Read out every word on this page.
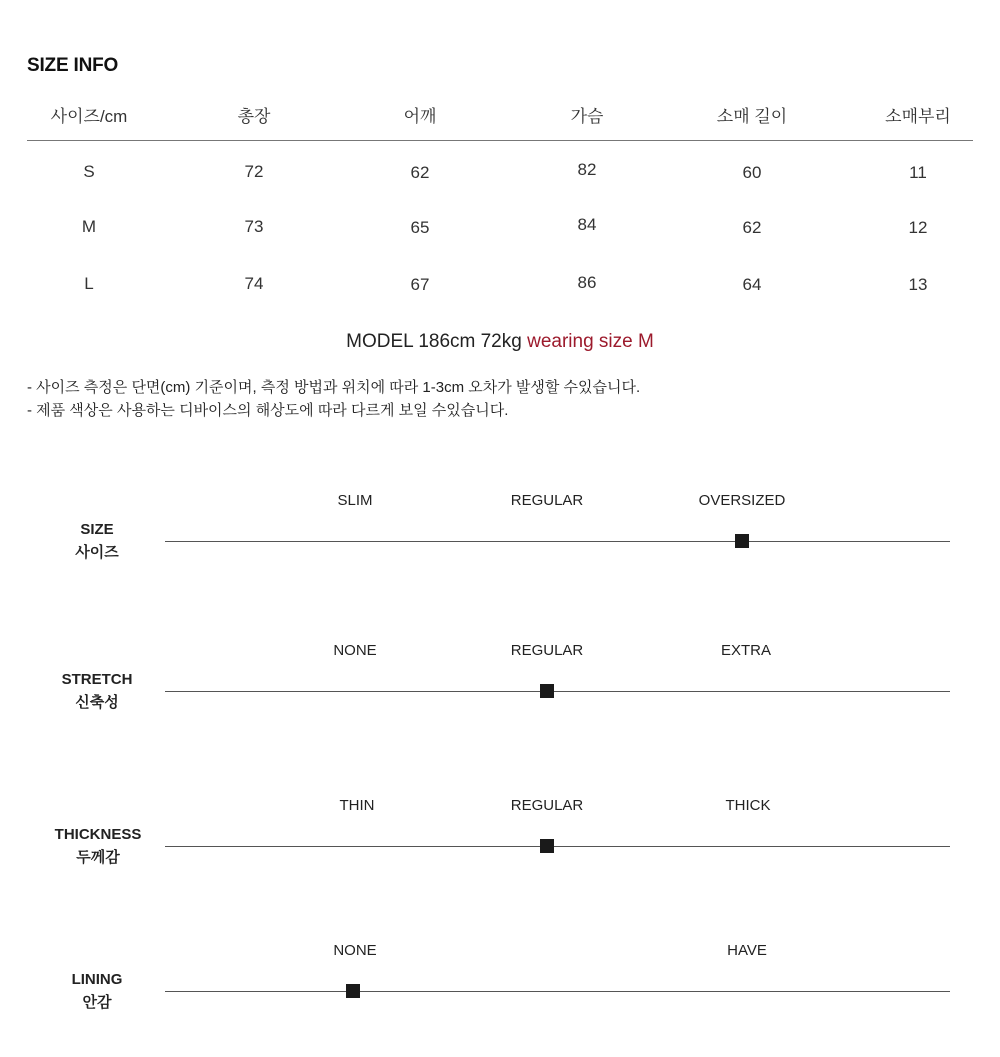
SIZE INFO
사이즈/cm	총장	어깨	가슴	소매 길이	소매부리
S	72	62	82	60	11
M	73	65	84	62	12
L	74	67	86	64	13
MODEL 186cm 72kg wearing size M
- 사이즈 측정은 단면(cm) 기준이며, 측정 방법과 위치에 따라 1-3cm 오차가 발생할 수있습니다.
- 제품 색상은 사용하는 디바이스의 해상도에 따라 다르게 보일 수있습니다.
SIZE
사이즈
SLIM	REGULAR	OVERSIZED
STRETCH
신축성
NONE	REGULAR	EXTRA
THICKNESS
두께감
THIN	REGULAR	THICK
LINING
안감
NONE	HAVE
